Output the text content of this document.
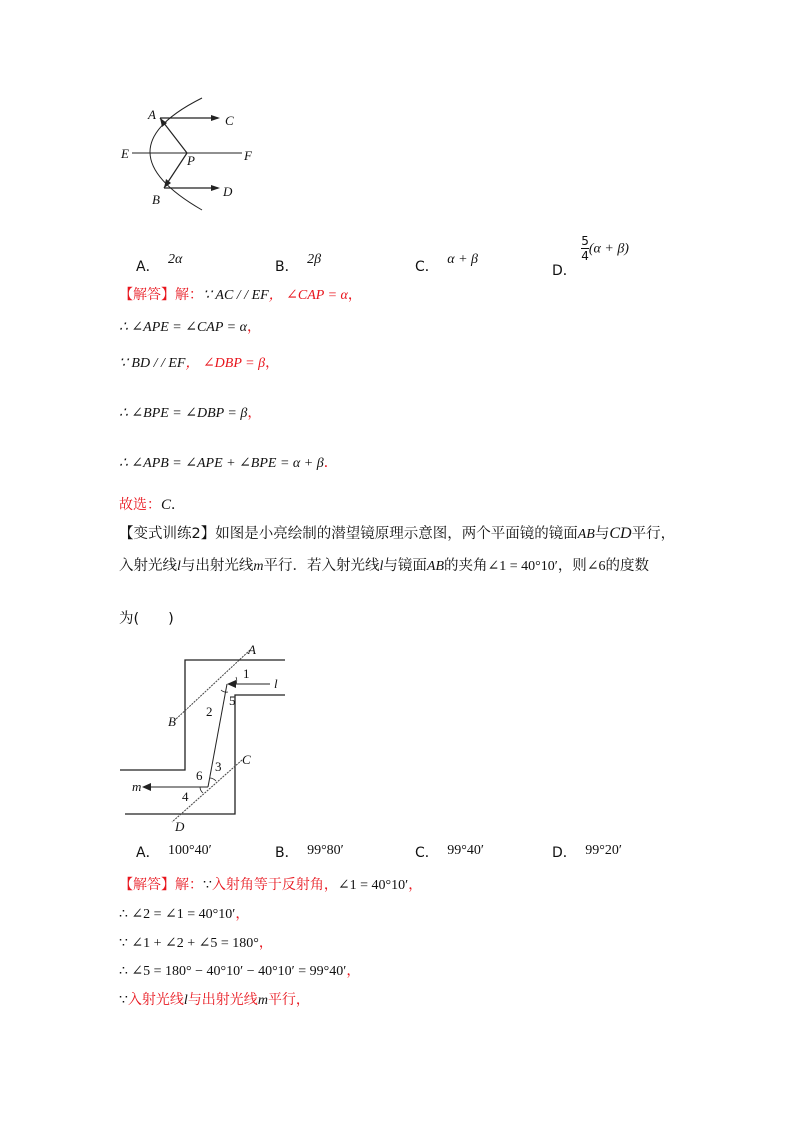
A	C
E	P	F
B
D
A． 2α	B． 2β	C． α + β
D．
$\frac{5}{4} (\alpha + \beta)$
【解答】解：∵ AC / / EF， ∠CAP = α，
∴ ∠APE = ∠CAP = α，
∵ BD / / EF， ∠DBP = β，
∴ ∠BPE = ∠DBP = β，
∴ ∠APB = ∠APE + ∠BPE = α + β．
故选：C．
【变式训练2】如图是小亮绘制的潜望镜原理示意图，两个平面镜的镜面AB与CD平行，
入射光线l与出射光线m平行．若入射光线l与镜面AB的夹角∠1 = 40°10′，则∠6的度数
为(　　)
A
l
1
B
2
5
C
3
6
m
4
D
A． 100°40′	B． 99°80′	C． 99°40′	D． 99°20′
【解答】解：∵入射角等于反射角，∠1 = 40°10′，
∴ ∠2 = ∠1 = 40°10′，
∵ ∠1 + ∠2 + ∠5 = 180°，
∴ ∠5 = 180° − 40°10′ − 40°10′ = 99°40′，
∵入射光线l与出射光线m平行，
